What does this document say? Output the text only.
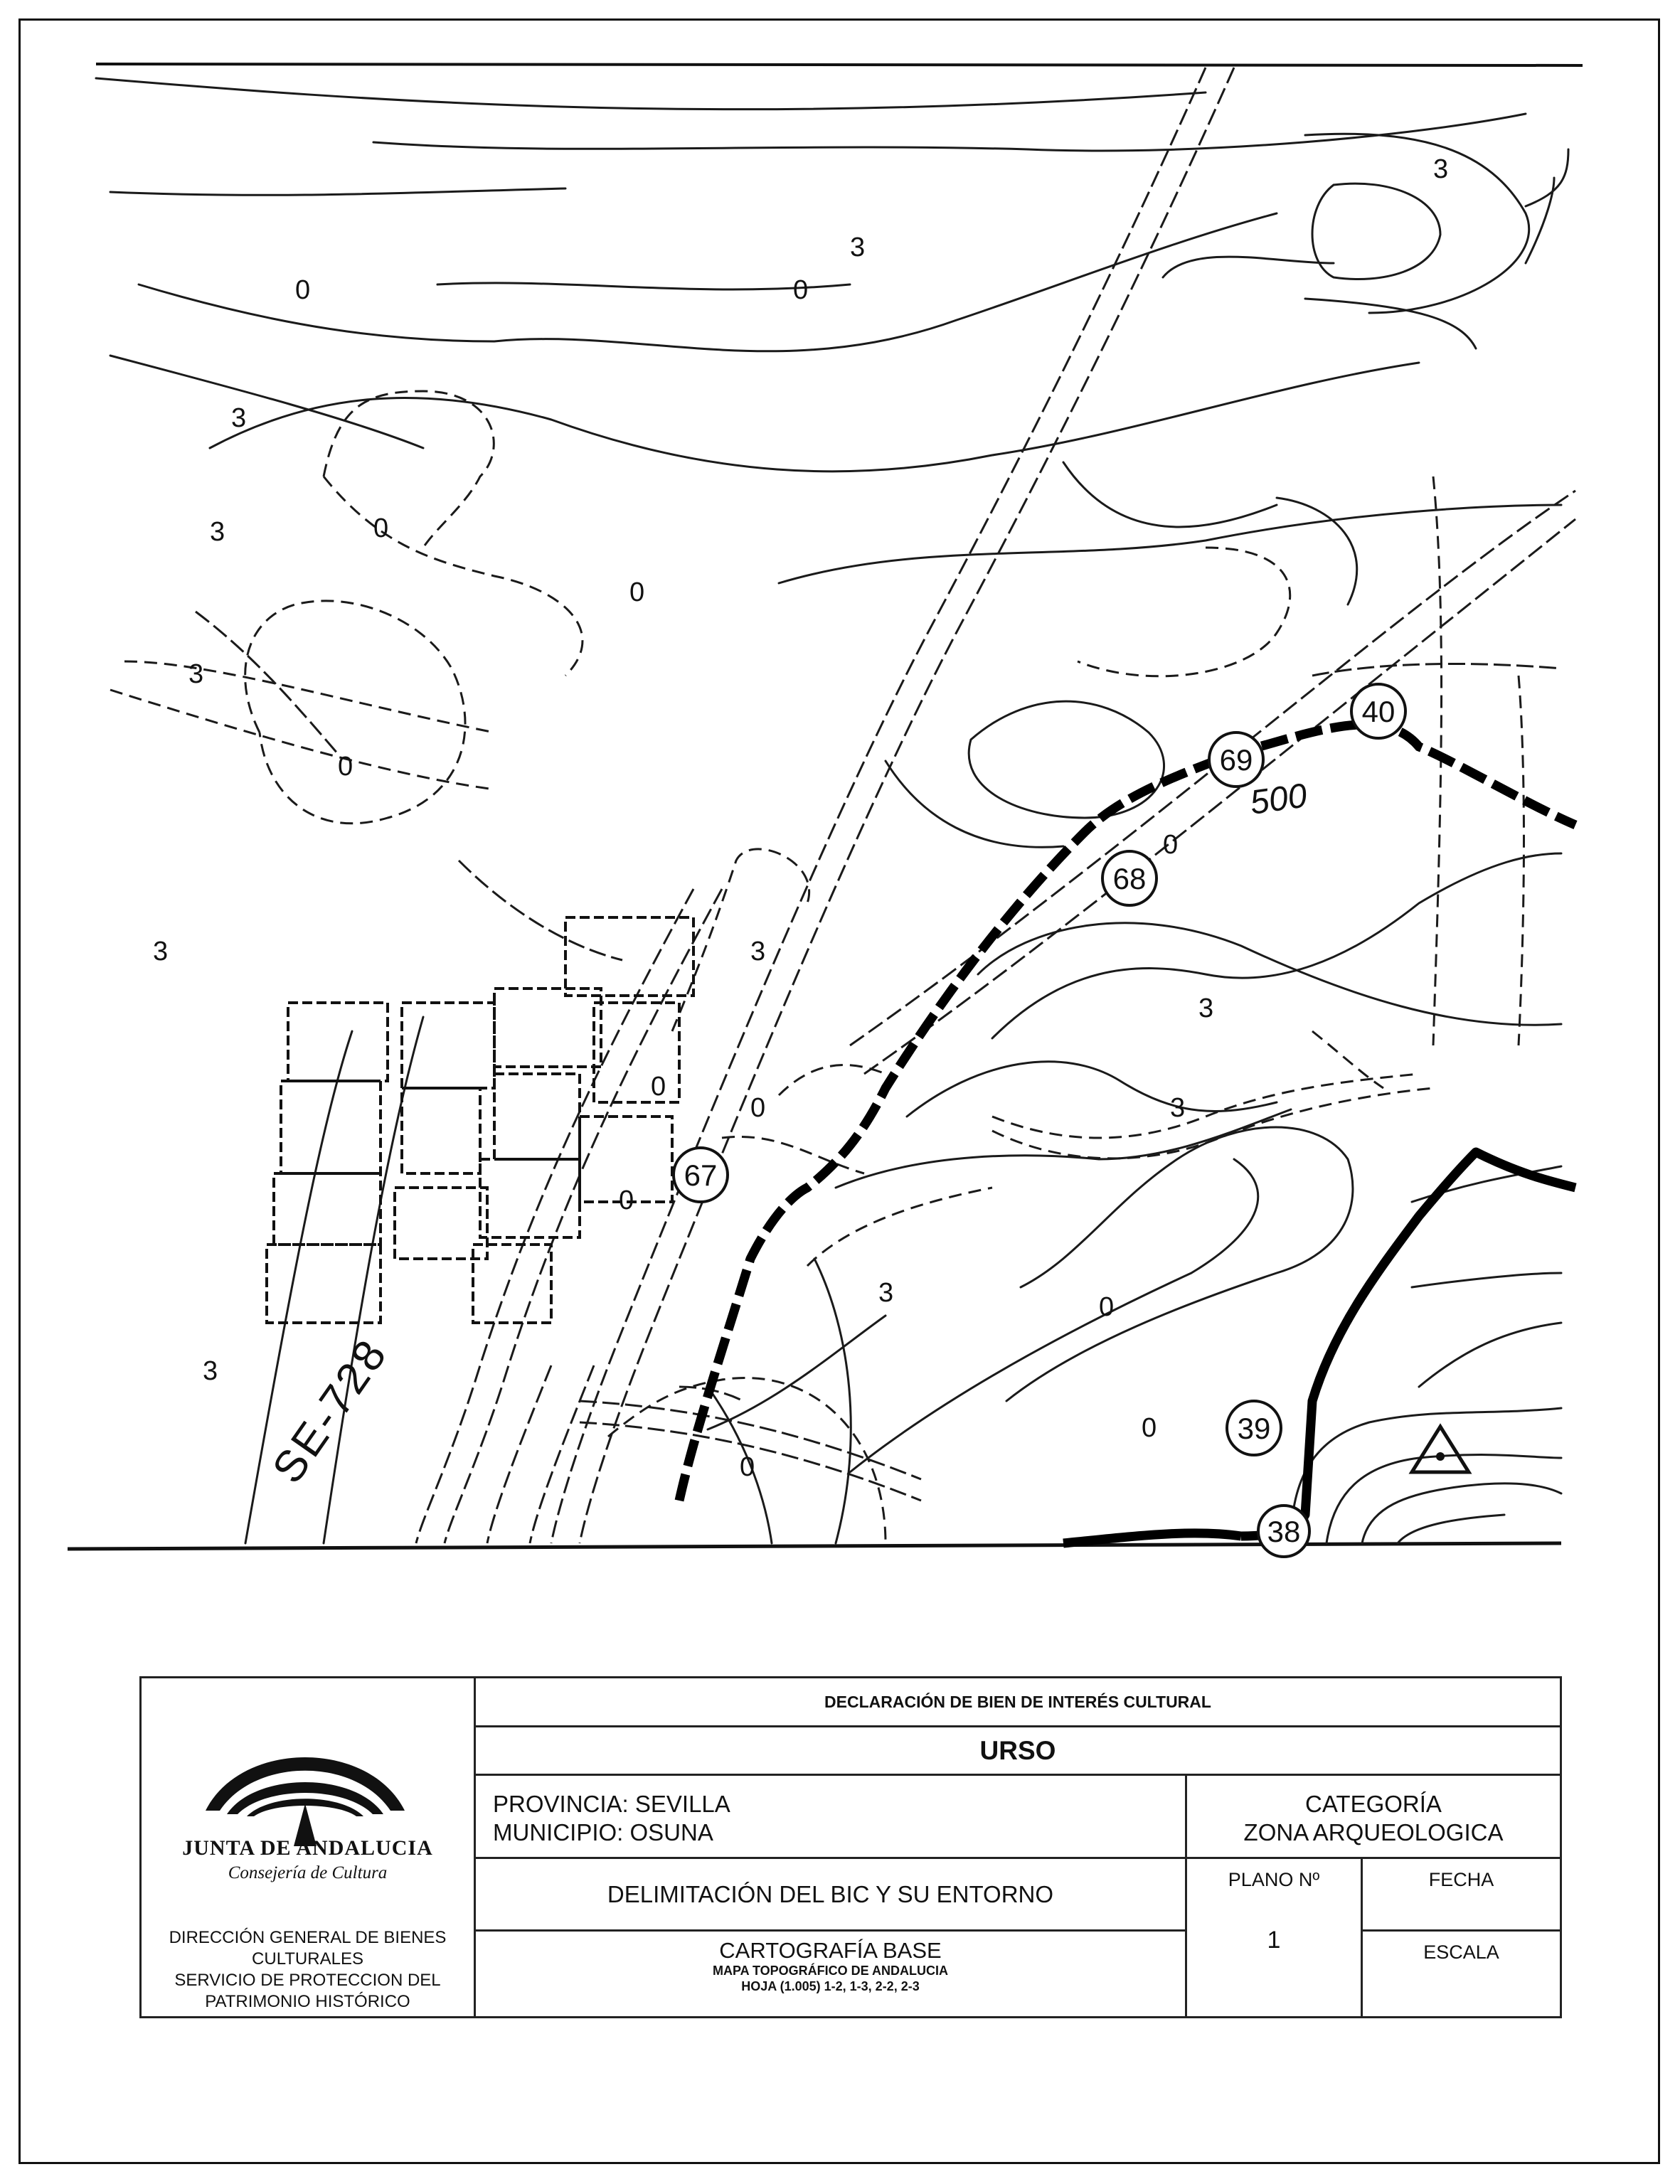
3
3
3
3
3
3	3
3
3
3
3
0	0
0
0
0
0
0
0
0
0
0
0
500
SE-728
40
69
68
67
39
38
JUNTA DE ANDALUCIA
Consejería de Cultura
DIRECCIÓN GENERAL DE BIENES
CULTURALES
SERVICIO DE PROTECCION DEL
PATRIMONIO HISTÓRICO
DECLARACIÓN DE BIEN DE INTERÉS CULTURAL
URSO
PROVINCIA: SEVILLA
MUNICIPIO: OSUNA
CATEGORÍA
ZONA ARQUEOLOGICA
DELIMITACIÓN DEL BIC Y SU ENTORNO
PLANO Nº
1
FECHA
CARTOGRAFÍA BASE
MAPA TOPOGRÁFICO DE ANDALUCIA
HOJA (1.005) 1-2, 1-3, 2-2, 2-3
ESCALA
